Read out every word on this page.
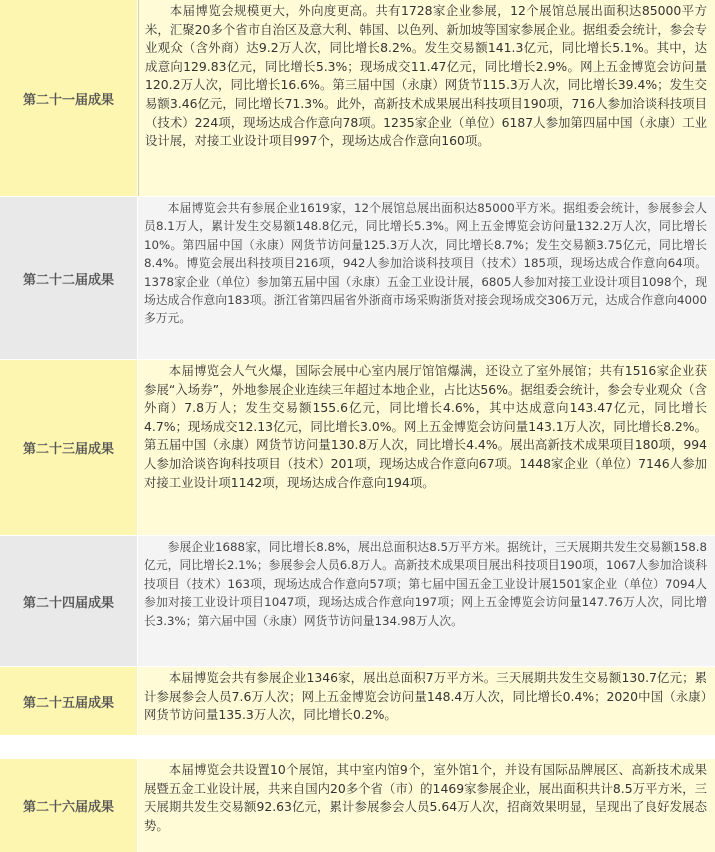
第二十一届成果
本届博览会规模更大，外向度更高。共有1728家企业参展，12个展馆总展出面积达85000平方米，汇聚20多个省市自治区及意大利、韩国、以色列、新加坡等国家参展企业。据组委会统计，参会专业观众（含外商）达9.2万人次，同比增长8.2%。发生交易额141.3亿元，同比增长5.1%。其中，达成意向129.83亿元，同比增长5.3%；现场成交11.47亿元，同比增长2.9%。网上五金博览会访问量120.2万人次，同比增长16.6%。第三届中国（永康）网货节115.3万人次，同比增长39.4%；发生交易额3.46亿元，同比增长71.3%。此外，高新技术成果展出科技项目190项，716人参加洽谈科技项目（技术）224项，现场达成合作意向78项。1235家企业（单位）6187人参加第四届中国（永康）工业设计展，对接工业设计项目997个，现场达成合作意向160项。
第二十二届成果
本届博览会共有参展企业1619家，12个展馆总展出面积达85000平方米。据组委会统计，参展参会人员8.1万人，累计发生交易额148.8亿元，同比增长5.3%。网上五金博览会访问量132.2万人次，同比增长10%。第四届中国（永康）网货节访问量125.3万人次，同比增长8.7%；发生交易额3.75亿元，同比增长8.4%。博览会展出科技项目216项，942人参加洽谈科技项目（技术）185项，现场达成合作意向64项。1378家企业（单位）参加第五届中国（永康）五金工业设计展，6805人参加对接工业设计项目1098个，现场达成合作意向183项。浙江省第四届省外浙商市场采购浙货对接会现场成交306万元，达成合作意向4000多万元。
第二十三届成果
本届博览会人气火爆，国际会展中心室内展厅馆馆爆满，还设立了室外展馆；共有1516家企业获参展“入场券”，外地参展企业连续三年超过本地企业，占比达56%。据组委会统计，参会专业观众（含外商）7.8万人；发生交易额155.6亿元，同比增长4.6%，其中达成意向143.47亿元，同比增长4.7%；现场成交12.13亿元，同比增长3.0%。网上五金博览会访问量143.1万人次，同比增长8.2%。第五届中国（永康）网货节访问量130.8万人次，同比增长4.4%。展出高新技术成果项目180项，994人参加洽谈咨询科技项目（技术）201项，现场达成合作意向67项。1448家企业（单位）7146人参加对接工业设计项1142项，现场达成合作意向194项。
第二十四届成果
参展企业1688家，同比增长8.8%，展出总面积达8.5万平方米。据统计，三天展期共发生交易额158.8亿元，同比增长2.1%；参展参会人员6.8万人。高新技术成果项目展出科技项目190项，1067人参加洽谈科技项目（技术）163项，现场达成合作意向57项；第七届中国五金工业设计展1501家企业（单位）7094人参加对接工业设计项目1047项，现场达成合作意向197项；网上五金博览会访问量147.76万人次，同比增长3.3%；第六届中国（永康）网货节访问量134.98万人次。
第二十五届成果
本届博览会共有参展企业1346家，展出总面积7万平方米。三天展期共发生交易额130.7亿元；累计参展参会人员7.6万人次；网上五金博览会访问量148.4万人次，同比增长0.4%；2020中国（永康）网货节访问量135.3万人次，同比增长0.2%。
第二十六届成果
本届博览会共设置10个展馆，其中室内馆9个，室外馆1个，并设有国际品牌展区、高新技术成果展暨五金工业设计展，共来自国内20多个省（市）的1469家参展企业，展出面积共计8.5万平方米，三天展期共发生交易额92.63亿元，累计参展参会人员5.64万人次，招商效果明显，呈现出了良好发展态势。
